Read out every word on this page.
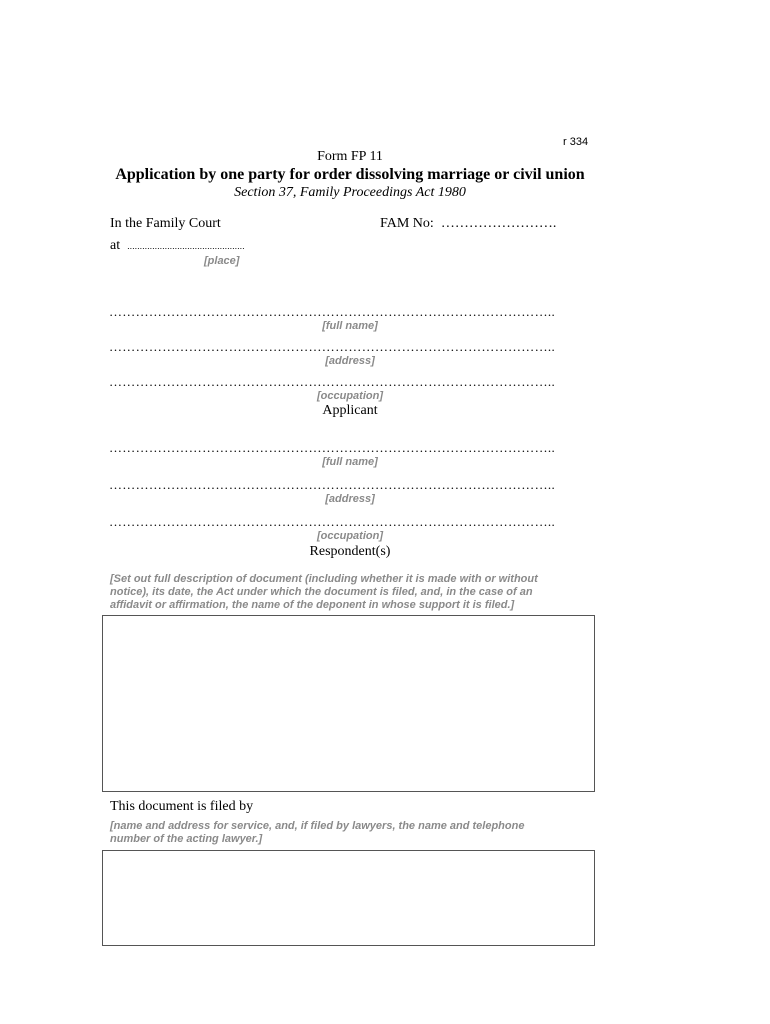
r 334
Form FP 11
Application by one party for order dissolving marriage or civil union
Section 37, Family Proceedings Act 1980
In the Family Court	FAM No: …………………….
at ...............................................
[place]
………………………………………………………………………………………..
[full name]
………………………………………………………………………………………..
[address]
………………………………………………………………………………………..
[occupation]
Applicant
………………………………………………………………………………………..
[full name]
………………………………………………………………………………………..
[address]
………………………………………………………………………………………..
[occupation]
Respondent(s)
[Set out full description of document (including whether it is made with or without
notice), its date, the Act under which the document is filed, and, in the case of an
affidavit or affirmation, the name of the deponent in whose support it is filed.]
This document is filed by
[name and address for service, and, if filed by lawyers, the name and telephone
number of the acting lawyer.]
